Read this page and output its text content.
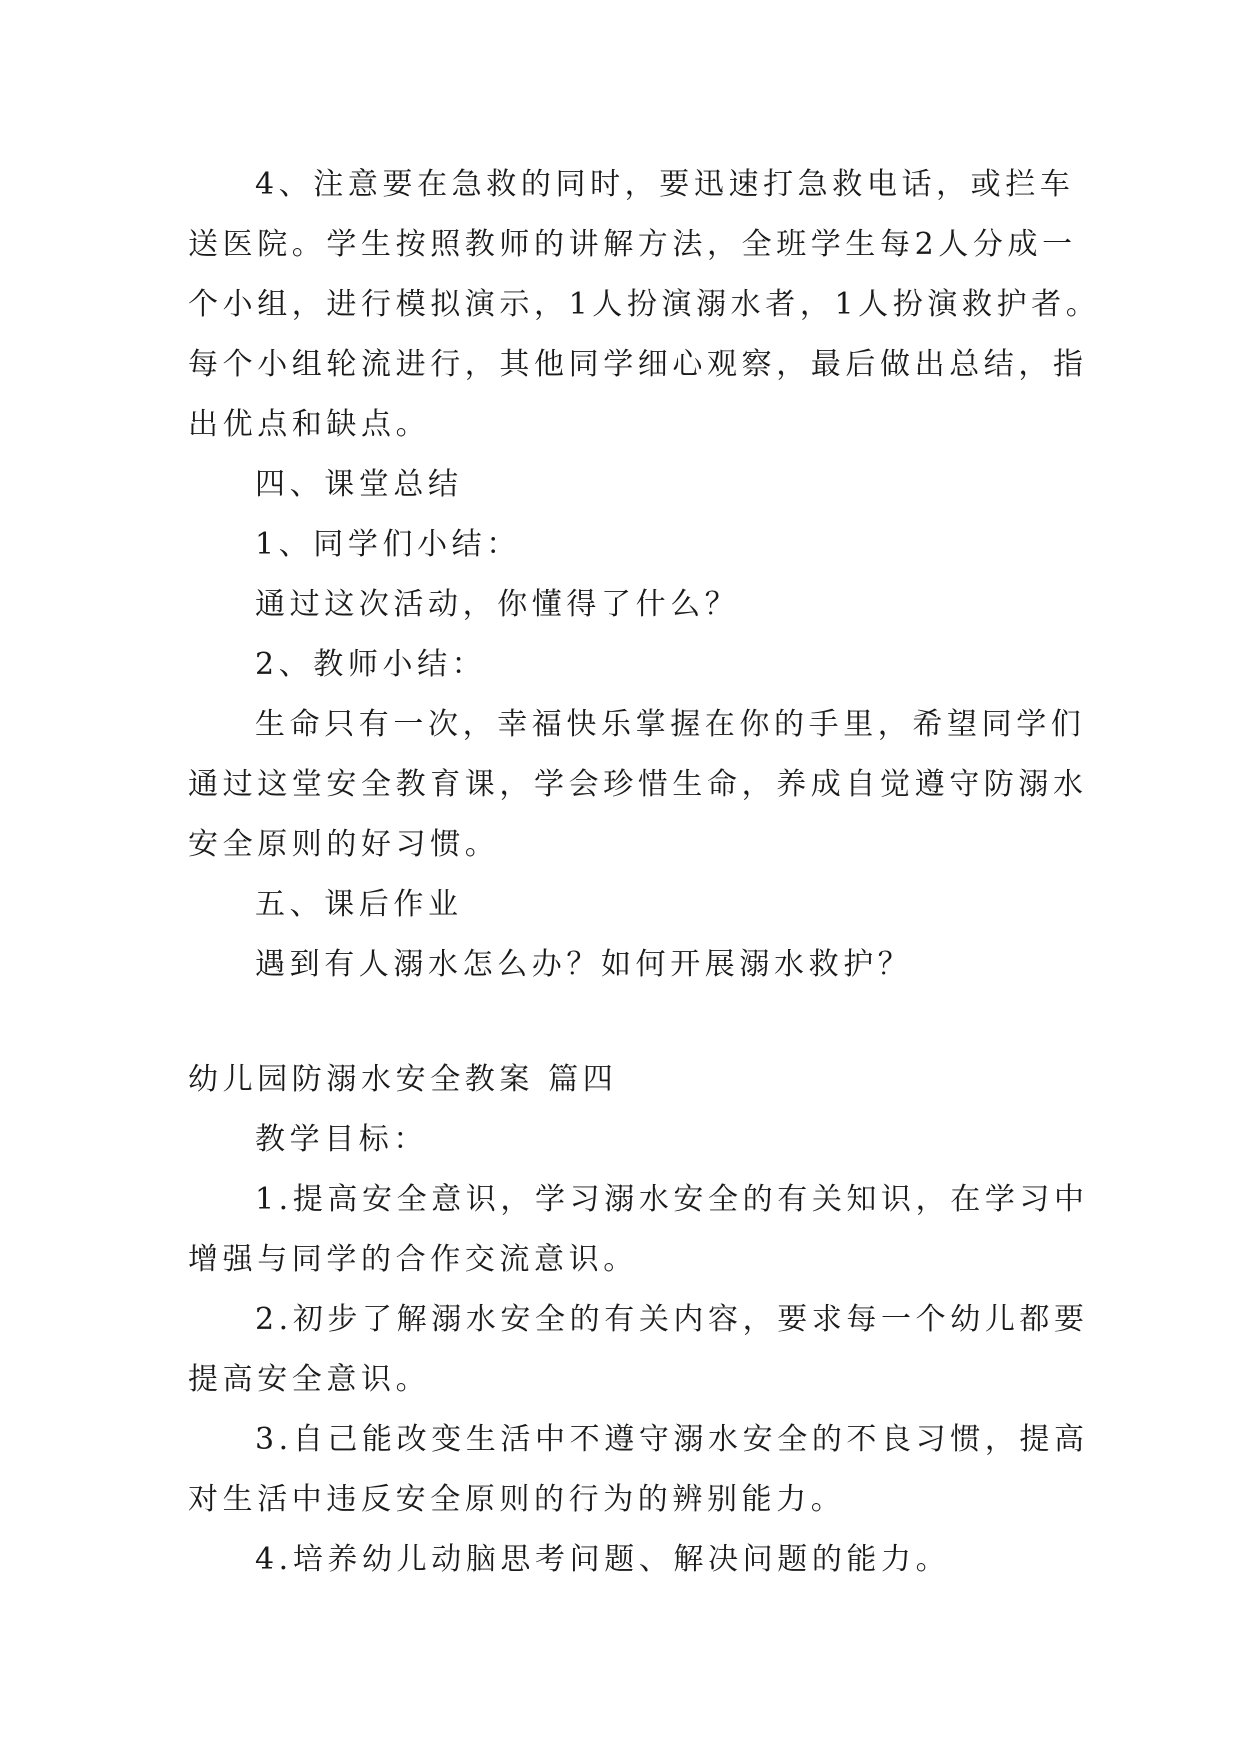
4、注意要在急救的同时，要迅速打急救电话，或拦车

送医院。学生按照教师的讲解方法，全班学生每2人分成一

个小组，进行模拟演示，1人扮演溺水者，1人扮演救护者。

每个小组轮流进行，其他同学细心观察，最后做出总结，指

出优点和缺点。

四、课堂总结

1、同学们小结：

通过这次活动，你懂得了什么？

2、教师小结：

生命只有一次，幸福快乐掌握在你的手里，希望同学们

通过这堂安全教育课，学会珍惜生命，养成自觉遵守防溺水

安全原则的好习惯。

五、课后作业

遇到有人溺水怎么办？如何开展溺水救护？

幼儿园防溺水安全教案 篇四

教学目标：

1.提高安全意识，学习溺水安全的有关知识，在学习中

增强与同学的合作交流意识。

2.初步了解溺水安全的有关内容，要求每一个幼儿都要

提高安全意识。

3.自己能改变生活中不遵守溺水安全的不良习惯，提高

对生活中违反安全原则的行为的辨别能力。

4.培养幼儿动脑思考问题、解决问题的能力。
